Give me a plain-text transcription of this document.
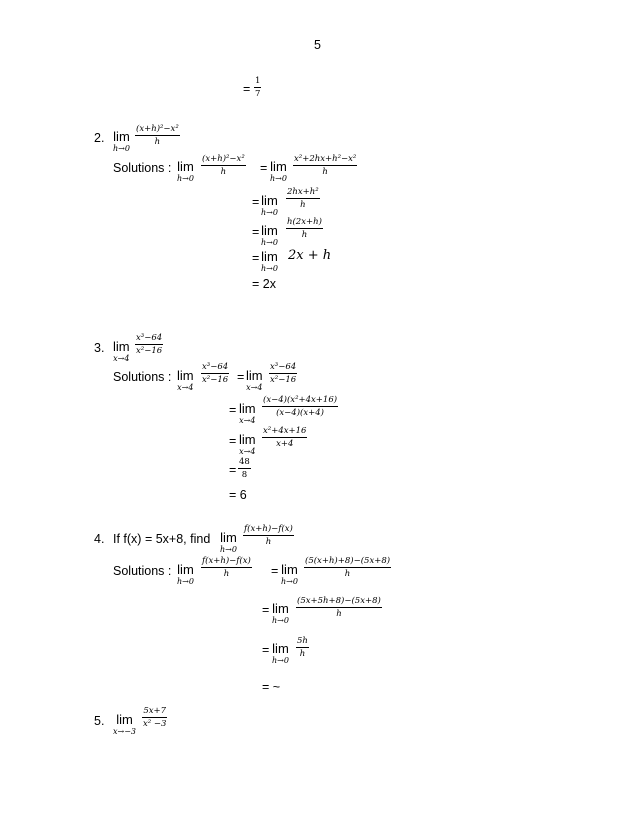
5
=
1
7
2. lim
h→0
(x+h)²−x²
h
Solutions : lim
h→0
(x+h)²−x²
h	= lim
h→0
x²+2hx+h²−x²
h
= lim
h→0
2hx+h²
h
= lim
h→0
h(2x+h)
h
= lim
h→0
2x + h
= 2x
3. lim
x→4
x³−64
x²−16
Solutions : lim
x→4
x³−64
x²−16 = lim
x→4
x³−64
x²−16
= lim
x→4
(x−4)(x²+4x+16)
(x−4)(x+4)
= lim
x→4
x²+4x+16
x+4
=
48
8
= 6
4. If f(x) = 5x+8, find lim
h→0
f(x+h)−f(x)
h
Solutions : lim
h→0
f(x+h)−f(x)
h	= lim
h→0
(5(x+h)+8)−(5x+8)
h
= lim
h→0
(5x+5h+8)−(5x+8)
h
= lim
h→0
5h
h
= ~
5. lim
x→−3
5x+7
x² −3
